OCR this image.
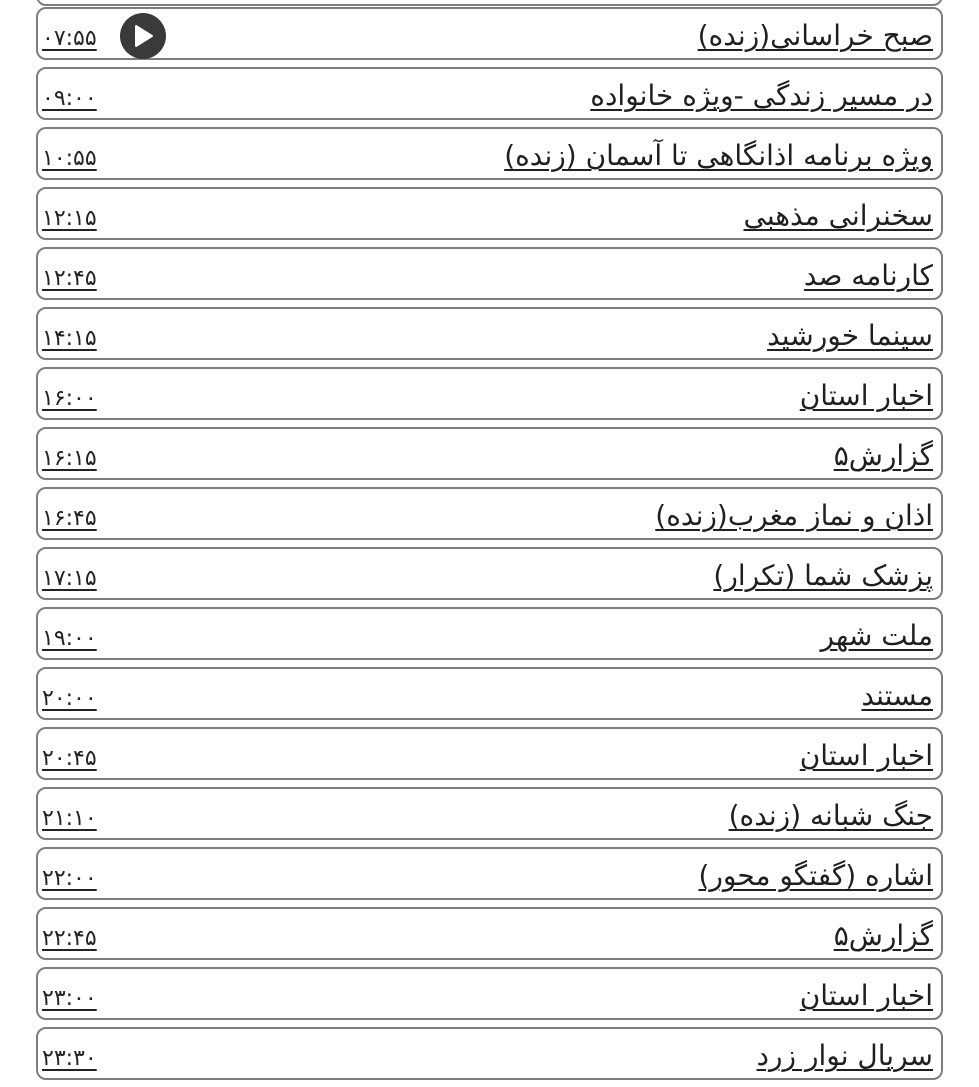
صبح خراسانی(زنده)
۰۷:۵۵
در مسیر زندگی -ویژه خانواده
۰۹:۰۰
ویژه برنامه اذانگاهی تا آسمان (زنده)
۱۰:۵۵
سخنرانی مذهبی
۱۲:۱۵
کارنامه صد
۱۲:۴۵
سینما خورشید
۱۴:۱۵
اخبار استان
۱۶:۰۰
گزارش۵
۱۶:۱۵
اذان و نماز مغرب(زنده)
۱۶:۴۵
پزشک شما (تکرار)
۱۷:۱۵
ملت شهر
۱۹:۰۰
مستند
۲۰:۰۰
اخبار استان
۲۰:۴۵
جنگ شبانه (زنده)
۲۱:۱۰
اشاره (گفتگو محور)
۲۲:۰۰
گزارش۵
۲۲:۴۵
اخبار استان
۲۳:۰۰
سریال نوار زرد
۲۳:۳۰
